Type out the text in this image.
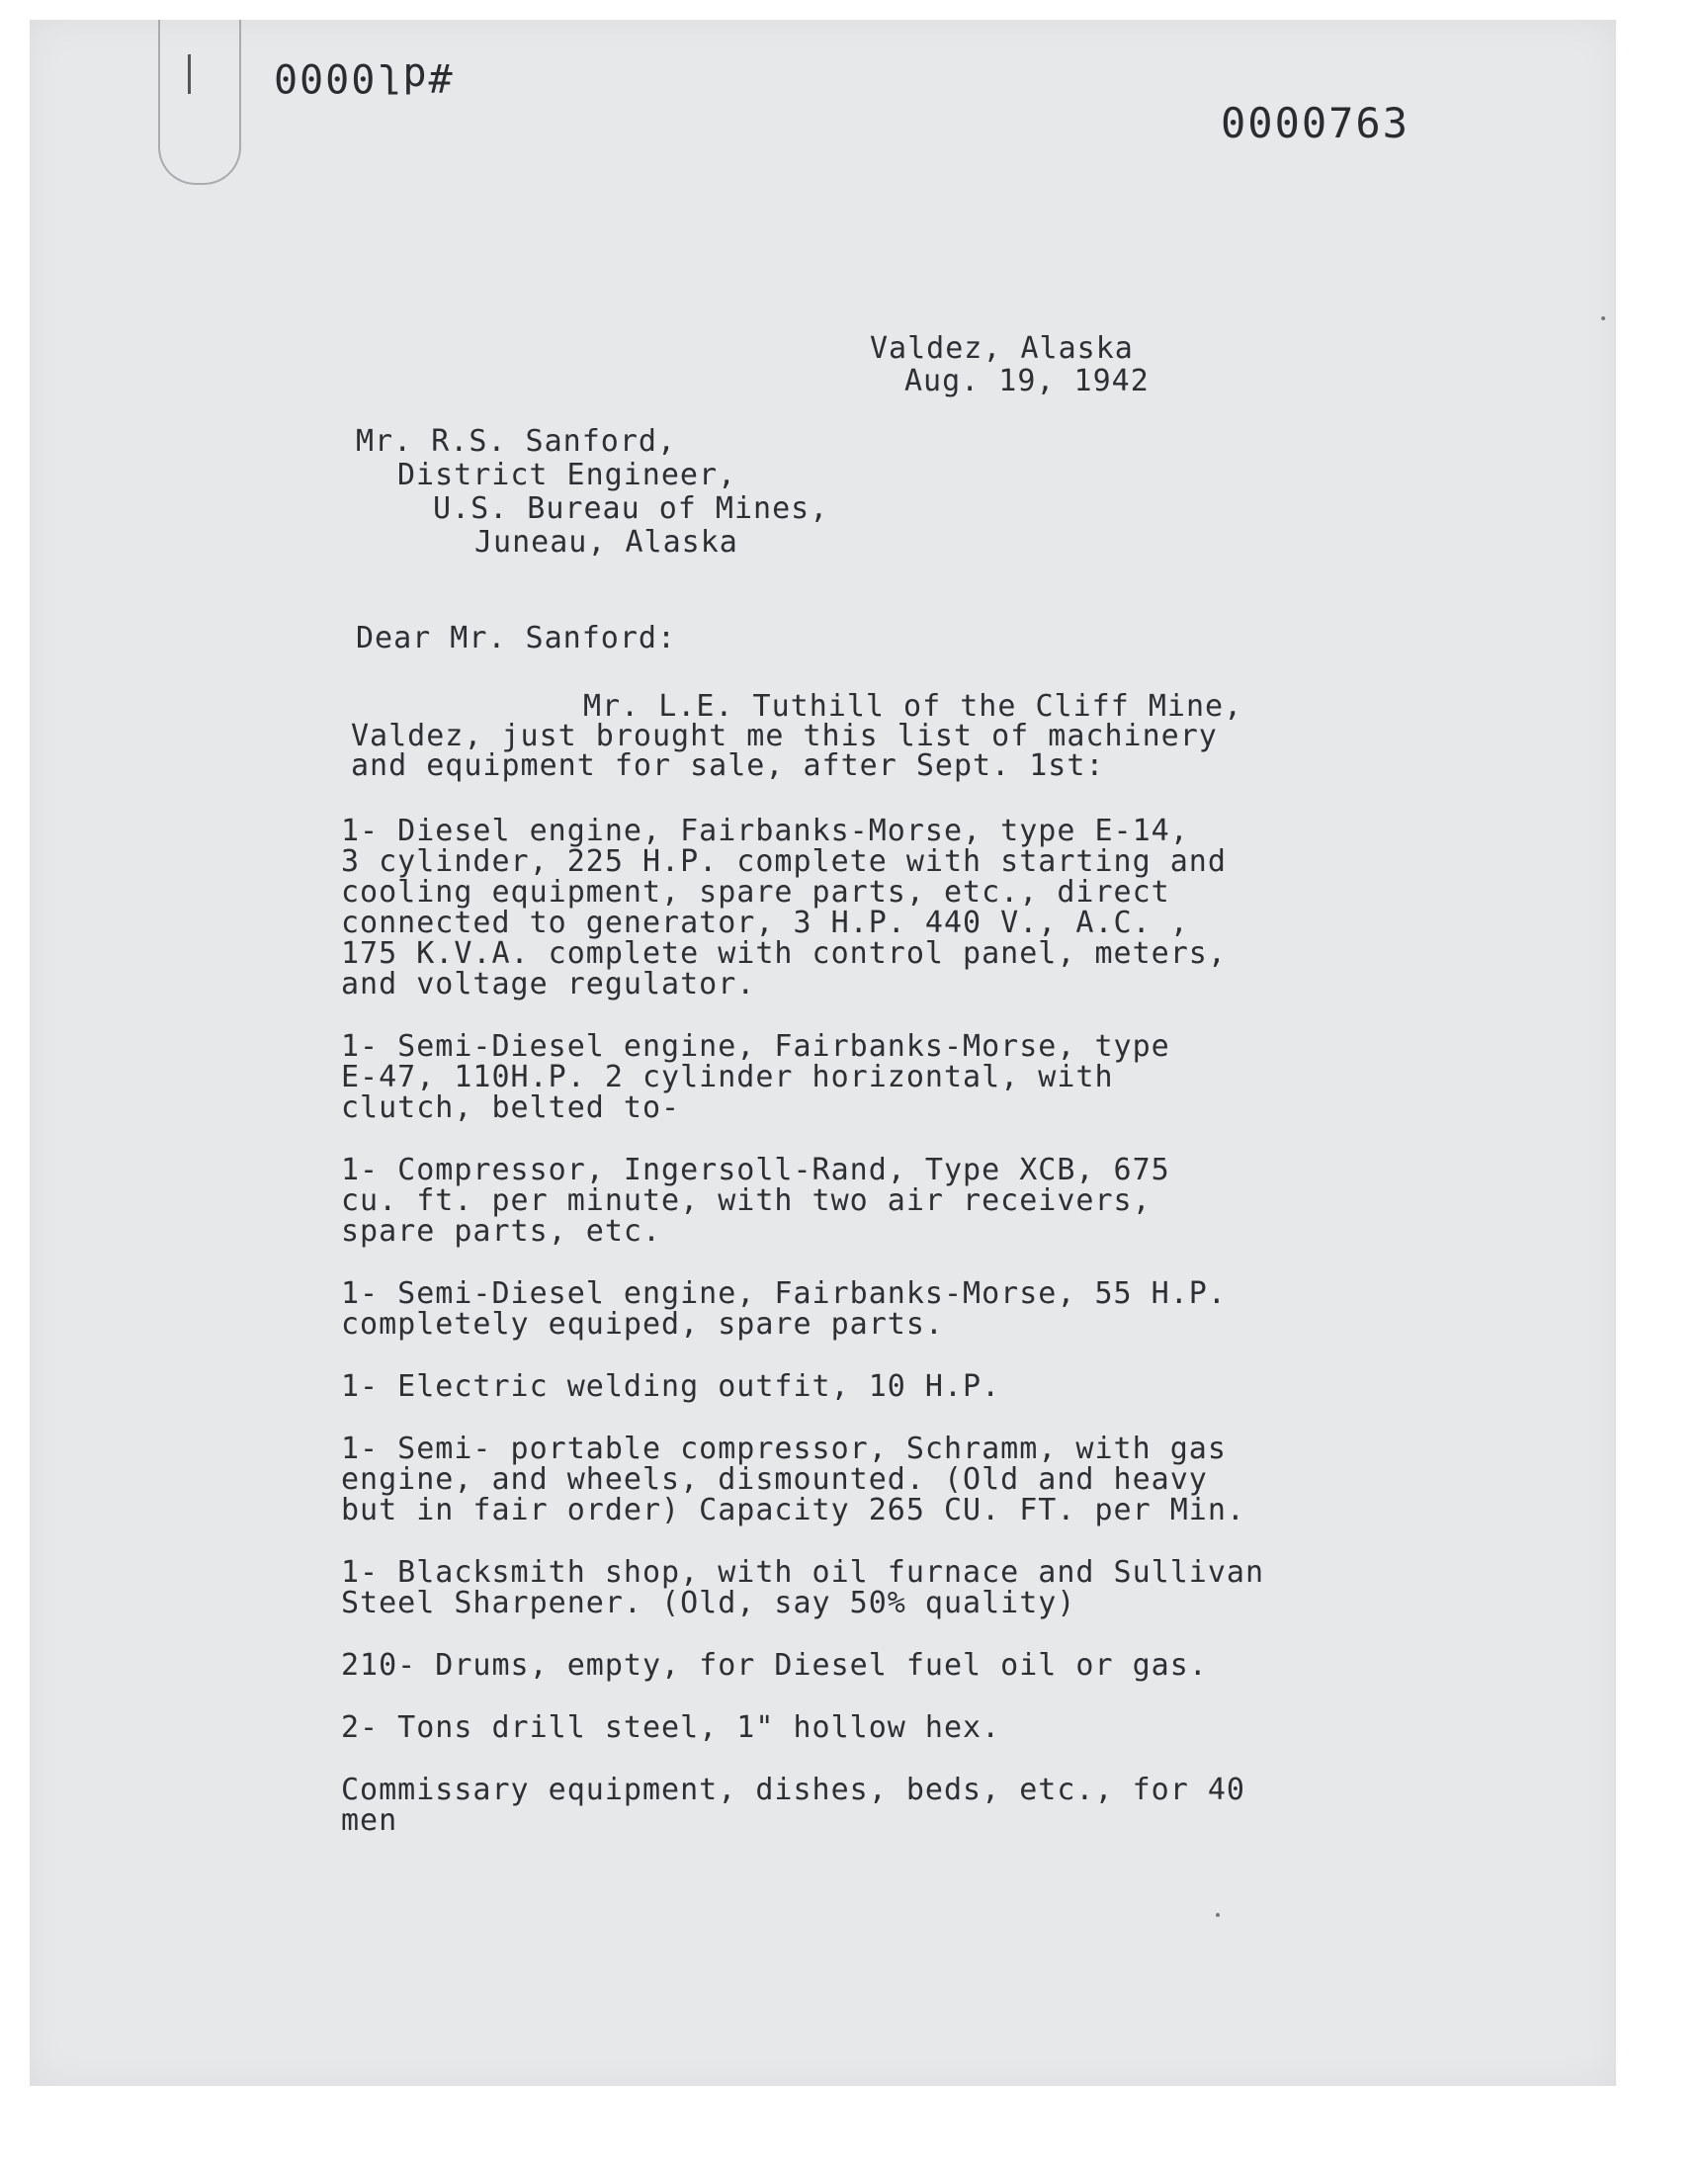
#dl0000
0000763
Valdez, Alaska
Aug. 19, 1942
Mr. R.S. Sanford,
District Engineer,
U.S. Bureau of Mines,
Juneau, Alaska
Dear Mr. Sanford:
Mr. L.E. Tuthill of the Cliff Mine,
Valdez, just brought me this list of machinery
and equipment for sale, after Sept. 1st:
1- Diesel engine, Fairbanks-Morse, type E-14,
3 cylinder, 225 H.P. complete with starting and
cooling equipment, spare parts, etc., direct
connected to generator, 3 H.P. 440 V., A.C. ,
175 K.V.A. complete with control panel, meters,
and voltage regulator.
1- Semi-Diesel engine, Fairbanks-Morse, type
E-47, 110H.P. 2 cylinder horizontal, with
clutch, belted to-
1- Compressor, Ingersoll-Rand, Type XCB, 675
cu. ft. per minute, with two air receivers,
spare parts, etc.
1- Semi-Diesel engine, Fairbanks-Morse, 55 H.P.
completely equiped, spare parts.
1- Electric welding outfit, 10 H.P.
1- Semi- portable compressor, Schramm, with gas
engine, and wheels, dismounted. (Old and heavy
but in fair order) Capacity 265 CU. FT. per Min.
1- Blacksmith shop, with oil furnace and Sullivan
Steel Sharpener. (Old, say 50% quality)
210- Drums, empty, for Diesel fuel oil or gas.
2- Tons drill steel, 1" hollow hex.
Commissary equipment, dishes, beds, etc., for 40
men
